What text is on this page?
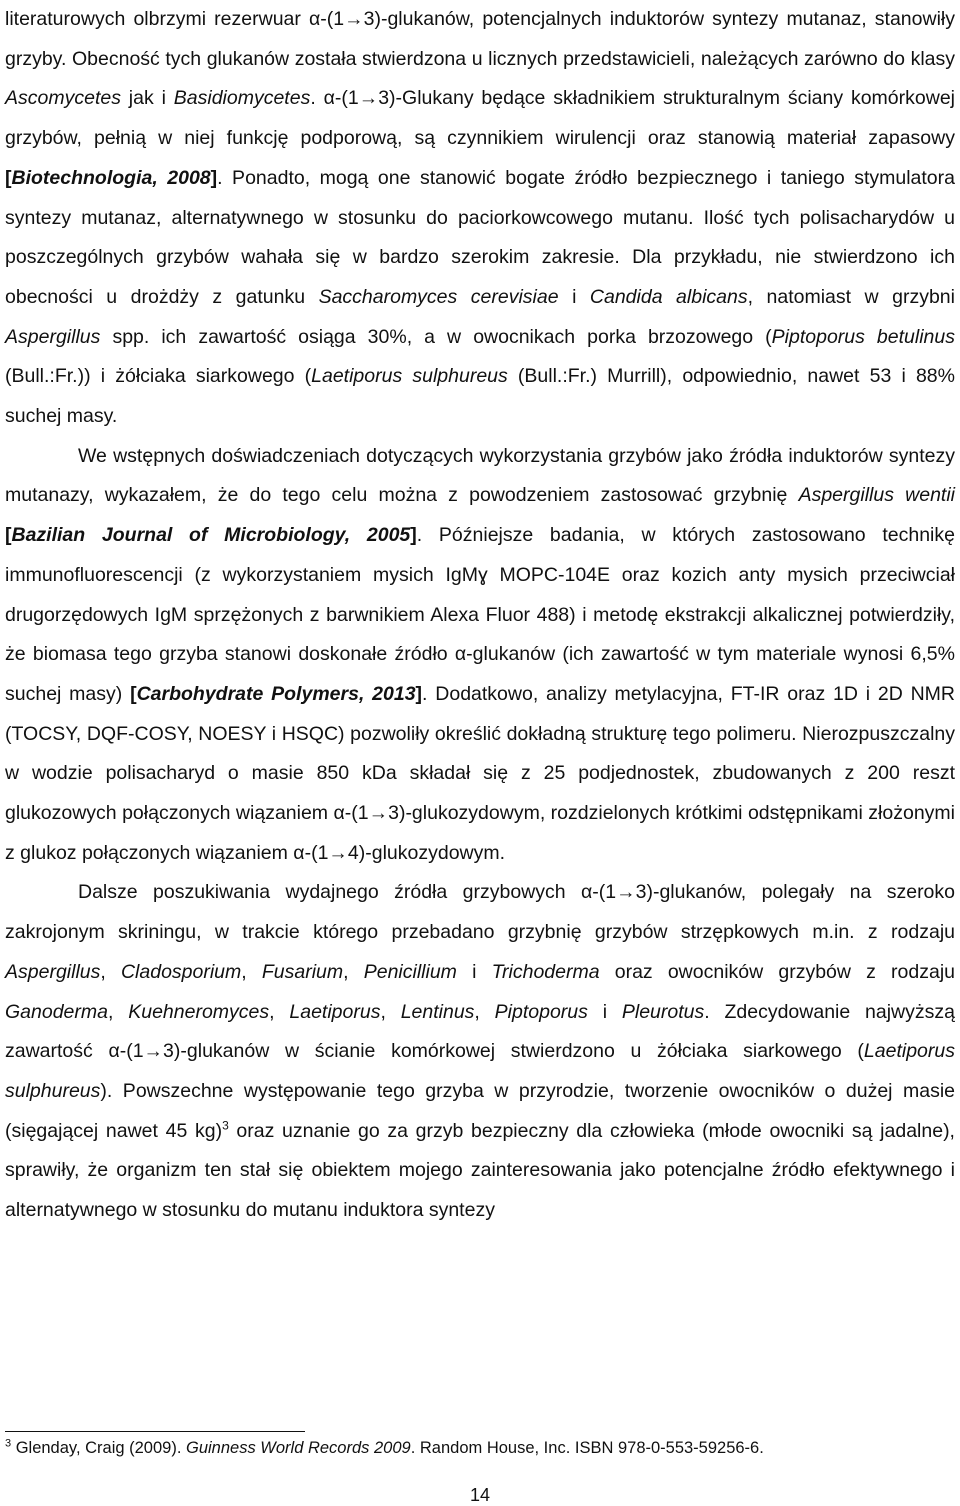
literaturowych olbrzymi rezerwuar α-(1→3)-glukanów, potencjalnych induktorów syntezy mutanaz, stanowiły grzyby. Obecność tych glukanów została stwierdzona u licznych przedstawicieli, należących zarówno do klasy Ascomycetes jak i Basidiomycetes. α-(1→3)-Glukany będące składnikiem strukturalnym ściany komórkowej grzybów, pełnią w niej funkcję podporową, są czynnikiem wirulencji oraz stanowią materiał zapasowy [Biotechnologia, 2008]. Ponadto, mogą one stanowić bogate źródło bezpiecznego i taniego stymulatora syntezy mutanaz, alternatywnego w stosunku do paciorkowcowego mutanu. Ilość tych polisacharydów u poszczególnych grzybów wahała się w bardzo szerokim zakresie. Dla przykładu, nie stwierdzono ich obecności u drożdży z gatunku Saccharomyces cerevisiae i Candida albicans, natomiast w grzybni Aspergillus spp. ich zawartość osiąga 30%, a w owocnikach porka brzozowego (Piptoporus betulinus (Bull.:Fr.)) i żółciaka siarkowego (Laetiporus sulphureus (Bull.:Fr.) Murrill), odpowiednio, nawet 53 i 88% suchej masy.

We wstępnych doświadczeniach dotyczących wykorzystania grzybów jako źródła induktorów syntezy mutanazy, wykazałem, że do tego celu można z powodzeniem zastosować grzybnię Aspergillus wentii [Bazilian Journal of Microbiology, 2005]. Późniejsze badania, w których zastosowano technikę immunofluorescencji (z wykorzystaniem mysich IgMɣ MOPC-104E oraz kozich anty mysich przeciwciał drugorzędowych IgM sprzężonych z barwnikiem Alexa Fluor 488) i metodę ekstrakcji alkalicznej potwierdziły, że biomasa tego grzyba stanowi doskonałe źródło α-glukanów (ich zawartość w tym materiale wynosi 6,5% suchej masy) [Carbohydrate Polymers, 2013]. Dodatkowo, analizy metylacyjna, FT-IR oraz 1D i 2D NMR (TOCSY, DQF-COSY, NOESY i HSQC) pozwoliły określić dokładną strukturę tego polimeru. Nierozpuszczalny w wodzie polisacharyd o masie 850 kDa składał się z 25 podjednostek, zbudowanych z 200 reszt glukozowych połączonych wiązaniem α-(1→3)-glukozydowym, rozdzielonych krótkimi odstępnikami złożonymi z glukoz połączonych wiązaniem α-(1→4)-glukozydowym.

Dalsze poszukiwania wydajnego źródła grzybowych α-(1→3)-glukanów, polegały na szeroko zakrojonym skriningu, w trakcie którego przebadano grzybnię grzybów strzępkowych m.in. z rodzaju Aspergillus, Cladosporium, Fusarium, Penicillium i Trichoderma oraz owocników grzybów z rodzaju Ganoderma, Kuehneromyces, Laetiporus, Lentinus, Piptoporus i Pleurotus. Zdecydowanie najwyższą zawartość α-(1→3)-glukanów w ścianie komórkowej stwierdzono u żółciaka siarkowego (Laetiporus sulphureus). Powszechne występowanie tego grzyba w przyrodzie, tworzenie owocników o dużej masie (sięgającej nawet 45 kg)$^3$ oraz uznanie go za grzyb bezpieczny dla człowieka (młode owocniki są jadalne), sprawiły, że organizm ten stał się obiektem mojego zainteresowania jako potencjalne źródło efektywnego i alternatywnego w stosunku do mutanu induktora syntezy

$^3$ Glenday, Craig (2009). Guinness World Records 2009. Random House, Inc. ISBN 978-0-553-59256-6.
14
